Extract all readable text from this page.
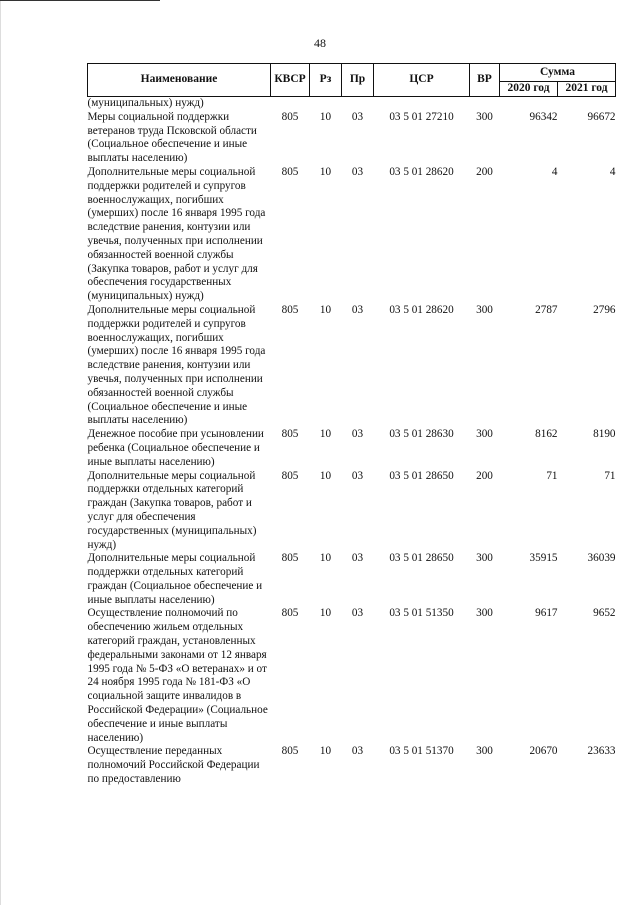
48
Наименование	КВСР	Рз	Пр	ЦСР	ВР	Сумма	
						2020 год	2021 год
(муниципальных) нужд)							
Меры социальной поддержки ветеранов труда Псковской области (Социальное обеспечение и иные выплаты населению)	805	10	03	03 5 01 27210	300	96342	96672
Дополнительные меры социальной поддержки родителей и супругов военнослужащих, погибших (умерших) после 16 января 1995 года вследствие ранения, контузии или увечья, полученных при исполнении обязанностей военной службы (Закупка товаров, работ и услуг для обеспечения государственных (муниципальных) нужд)	805	10	03	03 5 01 28620	200	4	4
Дополнительные меры социальной поддержки родителей и супругов военнослужащих, погибших (умерших) после 16 января 1995 года вследствие ранения, контузии или увечья, полученных при исполнении обязанностей военной службы (Социальное обеспечение и иные выплаты населению)	805	10	03	03 5 01 28620	300	2787	2796
Денежное пособие при усыновлении ребенка (Социальное обеспечение и иные выплаты населению)	805	10	03	03 5 01 28630	300	8162	8190
Дополнительные меры социальной поддержки отдельных категорий граждан (Закупка товаров, работ и услуг для обеспечения государственных (муниципальных) нужд)	805	10	03	03 5 01 28650	200	71	71
Дополнительные меры социальной поддержки отдельных категорий граждан (Социальное обеспечение и иные выплаты населению)	805	10	03	03 5 01 28650	300	35915	36039
Осуществление полномочий по обеспечению жильем отдельных категорий граждан, установленных федеральными законами от 12 января 1995 года № 5-ФЗ «О ветеранах» и от 24 ноября 1995 года № 181-ФЗ «О социальной защите инвалидов в Российской Федерации» (Социальное обеспечение и иные выплаты населению)	805	10	03	03 5 01 51350	300	9617	9652
Осуществление переданных полномочий Российской Федерации по предоставлению	805	10	03	03 5 01 51370	300	20670	23633
